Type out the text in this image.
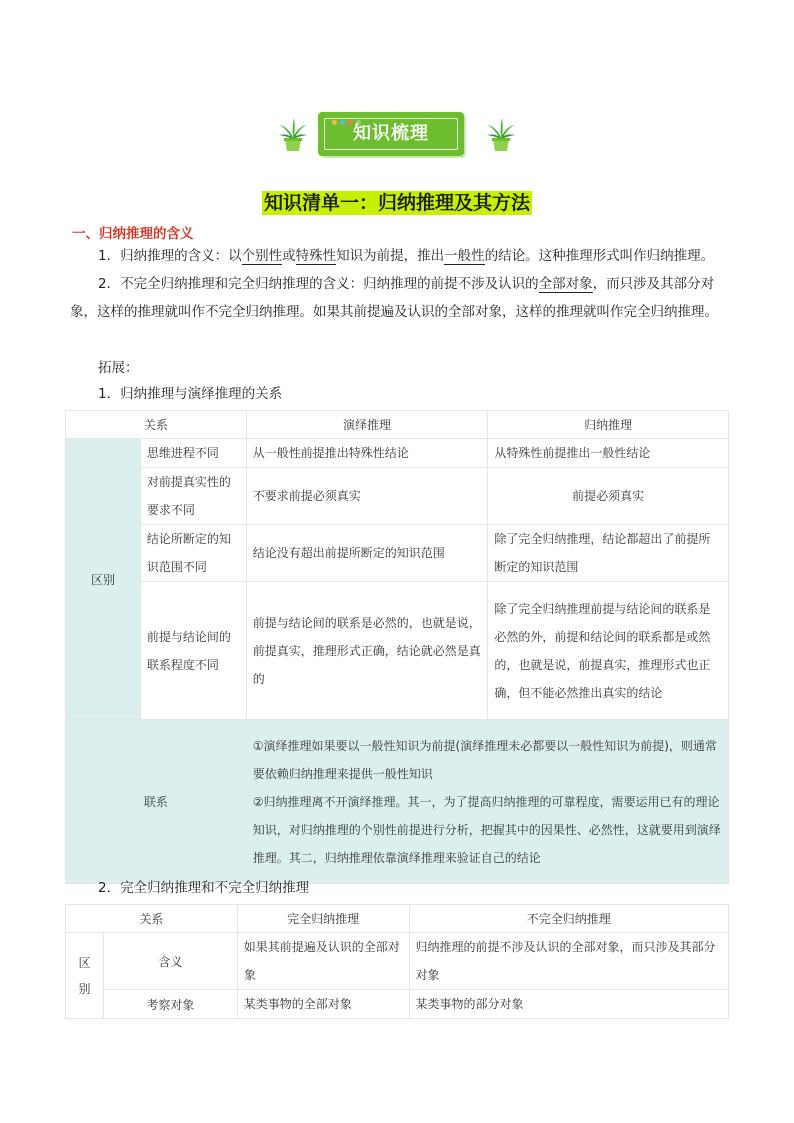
知识梳理
知识清单一：归纳推理及其方法
一、归纳推理的含义
1．归纳推理的含义：以个别性或特殊性知识为前提，推出一般性的结论。这种推理形式叫作归纳推理。
2．不完全归纳推理和完全归纳推理的含义：归纳推理的前提不涉及认识的全部对象，而只涉及其部分对象，这样的推理就叫作不完全归纳推理。如果其前提遍及认识的全部对象，这样的推理就叫作完全归纳推理。
拓展：
1．归纳推理与演绎推理的关系
关系		演绎推理	归纳推理
区别	思维进程不同	从一般性前提推出特殊性结论	从特殊性前提推出一般性结论
	对前提真实性的要求不同	不要求前提必须真实	前提必须真实
	结论所断定的知识范围不同	结论没有超出前提所断定的知识范围	除了完全归纳推理，结论都超出了前提所断定的知识范围
	前提与结论间的联系程度不同	前提与结论间的联系是必然的，也就是说，前提真实，推理形式正确，结论就必然是真的	除了完全归纳推理前提与结论间的联系是必然的外，前提和结论间的联系都是或然的，也就是说，前提真实，推理形式也正确，但不能必然推出真实的结论
联系		①演绎推理如果要以一般性知识为前提(演绎推理未必都要以一般性知识为前提)，则通常要依赖归纳推理来提供一般性知识
②归纳推理离不开演绎推理。其一，为了提高归纳推理的可靠程度，需要运用已有的理论知识，对归纳推理的个别性前提进行分析，把握其中的因果性、必然性，这就要用到演绎推理。其二，归纳推理依靠演绎推理来验证自己的结论	
2．完全归纳推理和不完全归纳推理
关系		完全归纳推理	不完全归纳推理
区别	含义	如果其前提遍及认识的全部对象	归纳推理的前提不涉及认识的全部对象，而只涉及其部分对象
	考察对象	某类事物的全部对象	某类事物的部分对象
